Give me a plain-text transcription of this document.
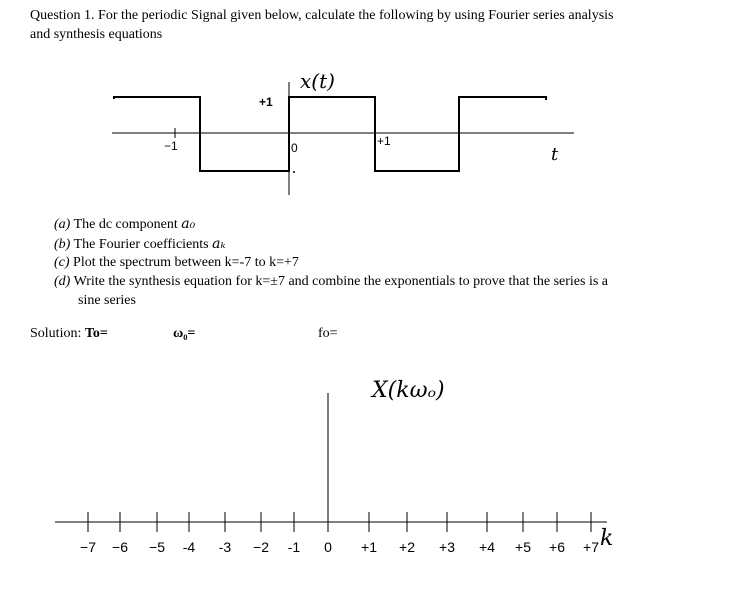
Question 1. For the periodic Signal given below, calculate the following by using Fourier series analysis
and synthesis equations
x(t)
+1
−1	0	+1
t
−7 −6 −5 -4 -3 −2 -1 0 +1 +2 +3 +4 +5 +6 +7
X(kωₒ)
k
(a) The dc component a₀
(b) The Fourier coefficients aₖ
(c) Plot the spectrum between k=-7 to k=+7
(d) Write the synthesis equation for k=±7 and combine the exponentials to prove that the series is a
sine series
Solution: To=	ω₀=	fo=
